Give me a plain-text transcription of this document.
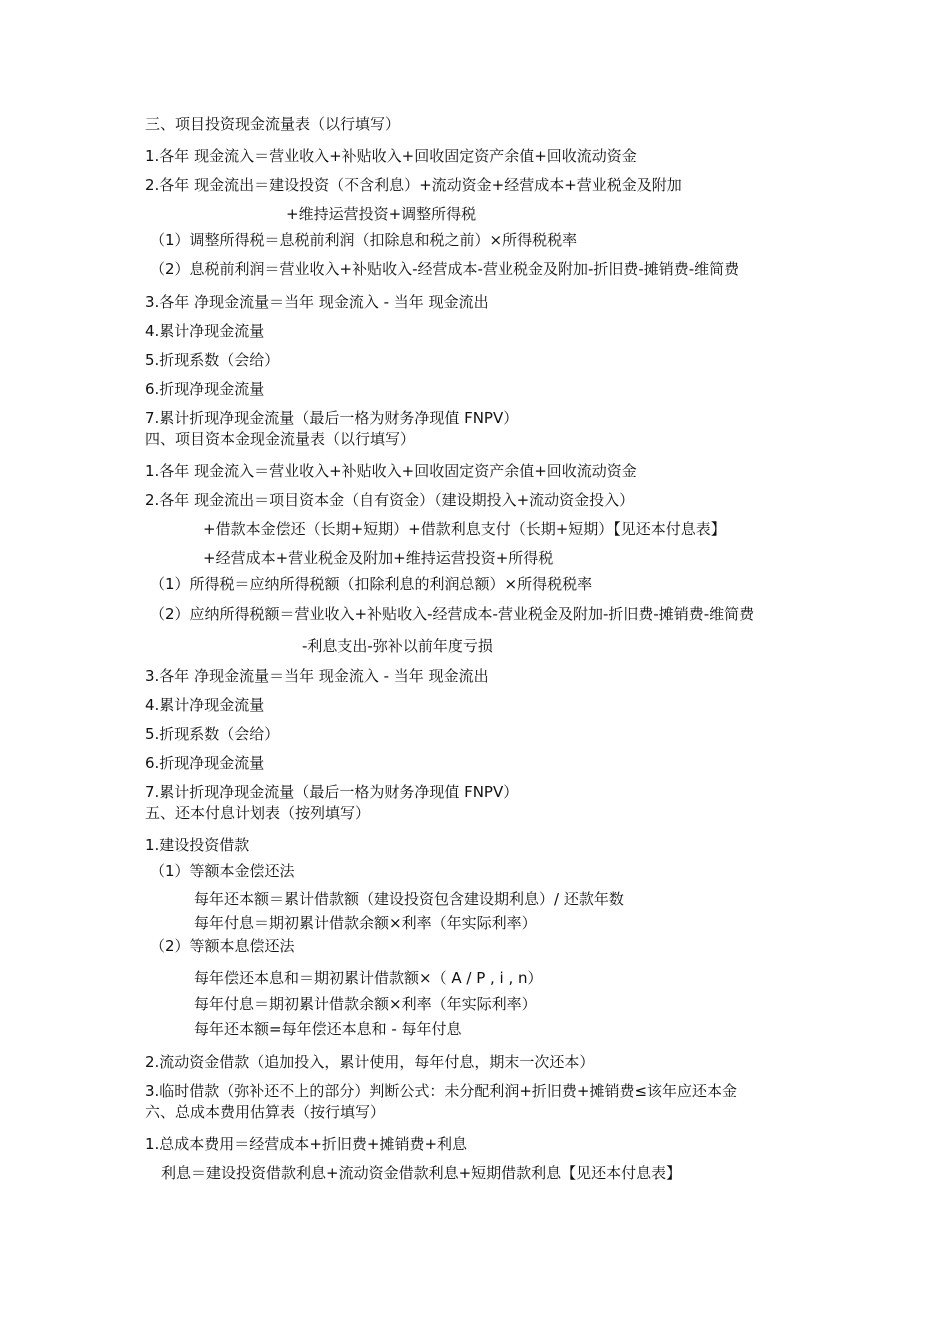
三、项目投资现金流量表（以行填写）
1.各年 现金流入＝营业收入+补贴收入+回收固定资产余值+回收流动资金
2.各年 现金流出＝建设投资（不含利息）+流动资金+经营成本+营业税金及附加
+维持运营投资+调整所得税
（1）调整所得税＝息税前利润（扣除息和税之前）×所得税税率
（2）息税前利润＝营业收入+补贴收入-经营成本-营业税金及附加-折旧费-摊销费-维简费
3.各年 净现金流量＝当年 现金流入 - 当年 现金流出
4.累计净现金流量
5.折现系数（会给）
6.折现净现金流量
7.累计折现净现金流量（最后一格为财务净现值 FNPV）
四、项目资本金现金流量表（以行填写）
1.各年 现金流入＝营业收入+补贴收入+回收固定资产余值+回收流动资金
2.各年 现金流出＝项目资本金（自有资金）（建设期投入+流动资金投入）
+借款本金偿还（长期+短期）+借款利息支付（长期+短期）【见还本付息表】
+经营成本+营业税金及附加+维持运营投资+所得税
（1）所得税＝应纳所得税额（扣除利息的利润总额）×所得税税率
（2）应纳所得税额＝营业收入+补贴收入-经营成本-营业税金及附加-折旧费-摊销费-维简费
-利息支出-弥补以前年度亏损
3.各年 净现金流量＝当年 现金流入 - 当年 现金流出
4.累计净现金流量
5.折现系数（会给）
6.折现净现金流量
7.累计折现净现金流量（最后一格为财务净现值 FNPV）
五、还本付息计划表（按列填写）
1.建设投资借款
（1）等额本金偿还法
每年还本额＝累计借款额（建设投资包含建设期利息）/ 还款年数
每年付息＝期初累计借款余额×利率（年实际利率）
（2）等额本息偿还法
每年偿还本息和＝期初累计借款额×（ A / P , i , n）
每年付息＝期初累计借款余额×利率（年实际利率）
每年还本额=每年偿还本息和 - 每年付息
2.流动资金借款（追加投入，累计使用，每年付息，期末一次还本）
3.临时借款（弥补还不上的部分）判断公式：未分配利润+折旧费+摊销费≤该年应还本金
六、总成本费用估算表（按行填写）
1.总成本费用＝经营成本+折旧费+摊销费+利息
利息＝建设投资借款利息+流动资金借款利息+短期借款利息【见还本付息表】
